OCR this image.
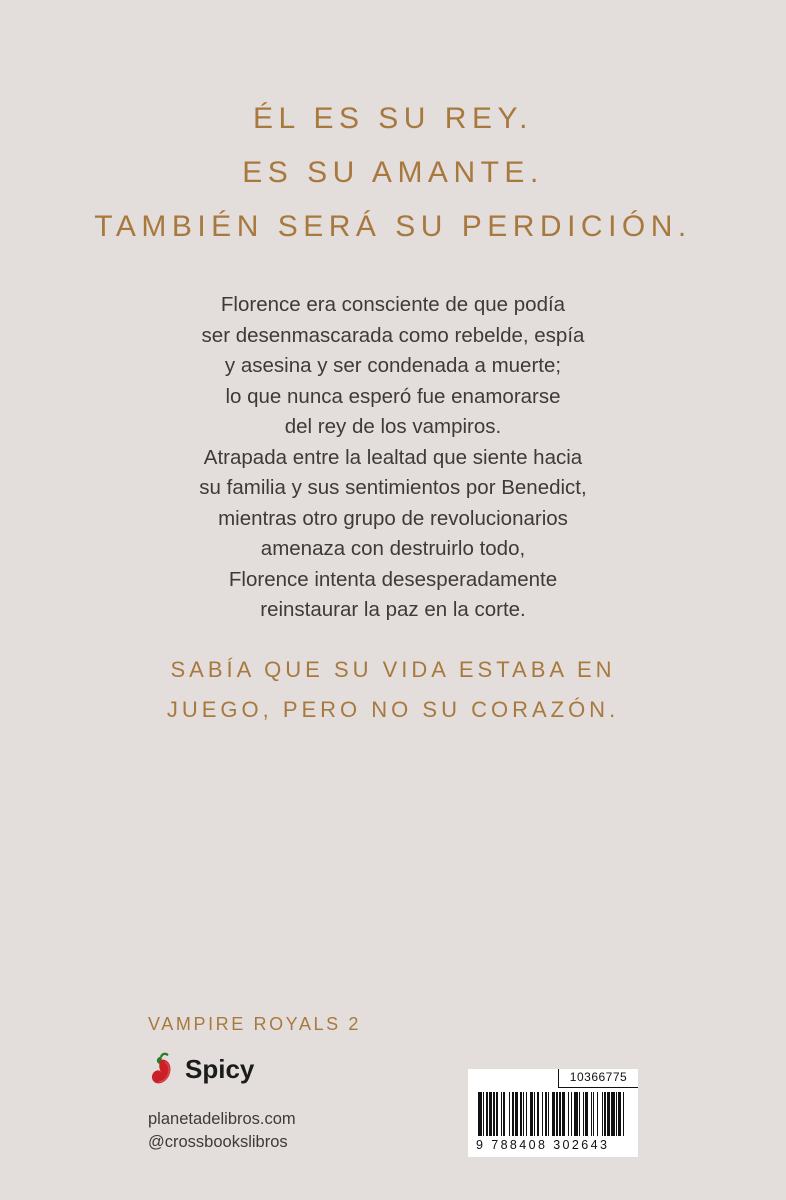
ÉL ES SU REY.
ES SU AMANTE.
TAMBIÉN SERÁ SU PERDICIÓN.

Florence era consciente de que podía

ser desenmascarada como rebelde, espía

y asesina y ser condenada a muerte;

lo que nunca esperó fue enamorarse

del rey de los vampiros.

Atrapada entre la lealtad que siente hacia

su familia y sus sentimientos por Benedict,

mientras otro grupo de revolucionarios

amenaza con destruirlo todo,

Florence intenta desesperadamente

reinstaurar la paz en la corte.

SABÍA QUE SU VIDA ESTABA EN
JUEGO, PERO NO SU CORAZÓN.
VAMPIRE ROYALS 2
Spicy
planetadelibros.com
@crossbookslibros
10366775
9 788408 302643
